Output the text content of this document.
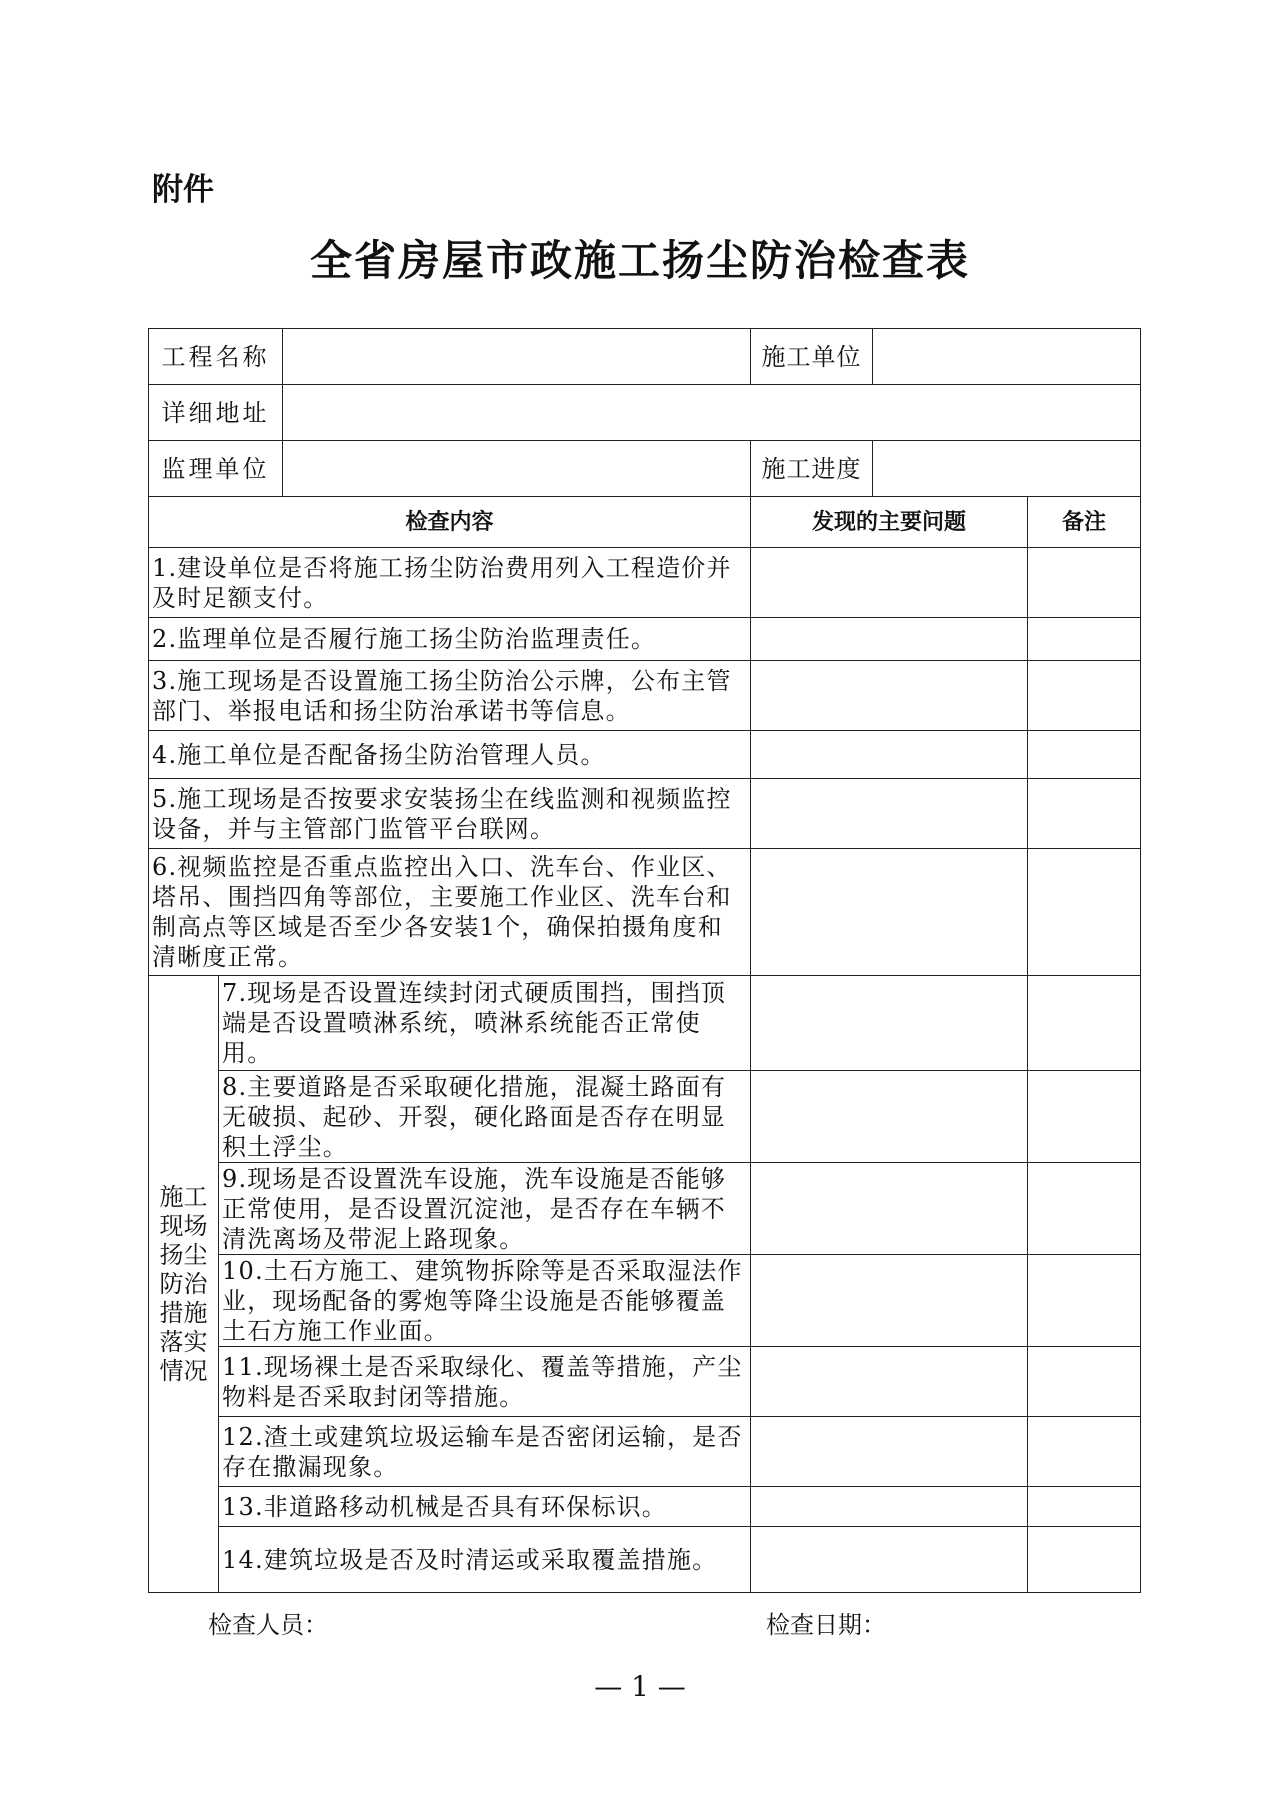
附件
全省房屋市政施工扬尘防治检查表
工程名称			施工单位		
详细地址					
监理单位			施工进度		
检查内容			发现的主要问题		备注
1.建设单位是否将施工扬尘防治费用列入工程造价并及时足额支付。					
2.监理单位是否履行施工扬尘防治监理责任。					
3.施工现场是否设置施工扬尘防治公示牌，公布主管部门、举报电话和扬尘防治承诺书等信息。					
4.施工单位是否配备扬尘防治管理人员。					
5.施工现场是否按要求安装扬尘在线监测和视频监控设备，并与主管部门监管平台联网。					
6.视频监控是否重点监控出入口、洗车台、作业区、塔吊、围挡四角等部位，主要施工作业区、洗车台和制高点等区域是否至少各安装1个，确保拍摄角度和清晰度正常。					
施工现场扬尘防治措施落实情况	7.现场是否设置连续封闭式硬质围挡，围挡顶端是否设置喷淋系统，喷淋系统能否正常使用。				
	8.主要道路是否采取硬化措施，混凝土路面有无破损、起砂、开裂，硬化路面是否存在明显积土浮尘。				
	9.现场是否设置洗车设施，洗车设施是否能够正常使用，是否设置沉淀池，是否存在车辆不清洗离场及带泥上路现象。				
	10.土石方施工、建筑物拆除等是否采取湿法作业，现场配备的雾炮等降尘设施是否能够覆盖土石方施工作业面。				
	11.现场裸土是否采取绿化、覆盖等措施，产尘物料是否采取封闭等措施。				
	12.渣土或建筑垃圾运输车是否密闭运输，是否存在撒漏现象。				
	13.非道路移动机械是否具有环保标识。				
	14.建筑垃圾是否及时清运或采取覆盖措施。				
检查人员：	检查日期：
— 1 —
